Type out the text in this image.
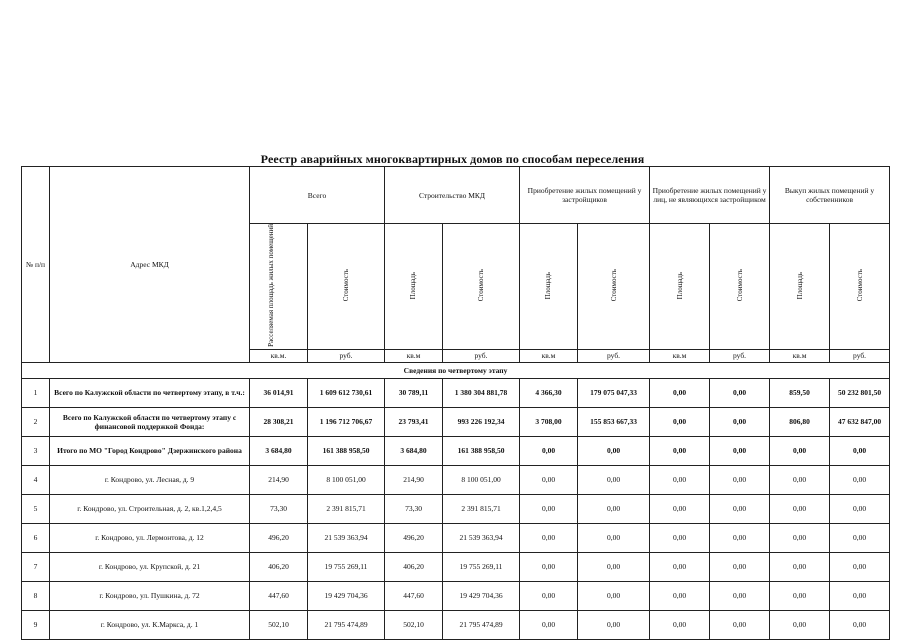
Реестр аварийных многоквартирных домов по способам переселения
№ п/п	Адрес МКД	Всего		Строительство МКД		Приобретение жилых помещений у застройщиков		Приобретение жилых помещений у лиц, не являющихся застройщиком		Выкуп жилых помещений у собственников	
		Расселяемая площадь жилых помещений	Стоимость	Площадь	Стоимость	Площадь	Стоимость	Площадь	Стоимость	Площадь	Стоимость
		кв.м.	руб.	кв.м	руб.	кв.м	руб.	кв.м	руб.	кв.м	руб.
Сведения по четвертому этапу											
1	Всего по Калужской области по четвертому этапу, в т.ч.:	36 014,91	1 609 612 730,61	30 789,11	1 380 304 881,78	4 366,30	179 075 047,33	0,00	0,00	859,50	50 232 801,50
2	Всего по Калужской области по четвертому этапу с финансовой поддержкой Фонда:	28 308,21	1 196 712 706,67	23 793,41	993 226 192,34	3 708,00	155 853 667,33	0,00	0,00	806,80	47 632 847,00
3	Итого по МО "Город Кондрово" Дзержинского района	3 684,80	161 388 958,50	3 684,80	161 388 958,50	0,00	0,00	0,00	0,00	0,00	0,00
4	г. Кондрово, ул. Лесная, д. 9	214,90	8 100 051,00	214,90	8 100 051,00	0,00	0,00	0,00	0,00	0,00	0,00
5	г. Кондрово, ул. Строительная, д. 2, кв.1,2,4,5	73,30	2 391 815,71	73,30	2 391 815,71	0,00	0,00	0,00	0,00	0,00	0,00
6	г. Кондрово, ул. Лермонтова, д. 12	496,20	21 539 363,94	496,20	21 539 363,94	0,00	0,00	0,00	0,00	0,00	0,00
7	г. Кондрово, ул. Крупской, д. 21	406,20	19 755 269,11	406,20	19 755 269,11	0,00	0,00	0,00	0,00	0,00	0,00
8	г. Кондрово, ул. Пушкина, д. 72	447,60	19 429 704,36	447,60	19 429 704,36	0,00	0,00	0,00	0,00	0,00	0,00
9	г. Кондрово, ул. К.Маркса, д. 1	502,10	21 795 474,89	502,10	21 795 474,89	0,00	0,00	0,00	0,00	0,00	0,00
